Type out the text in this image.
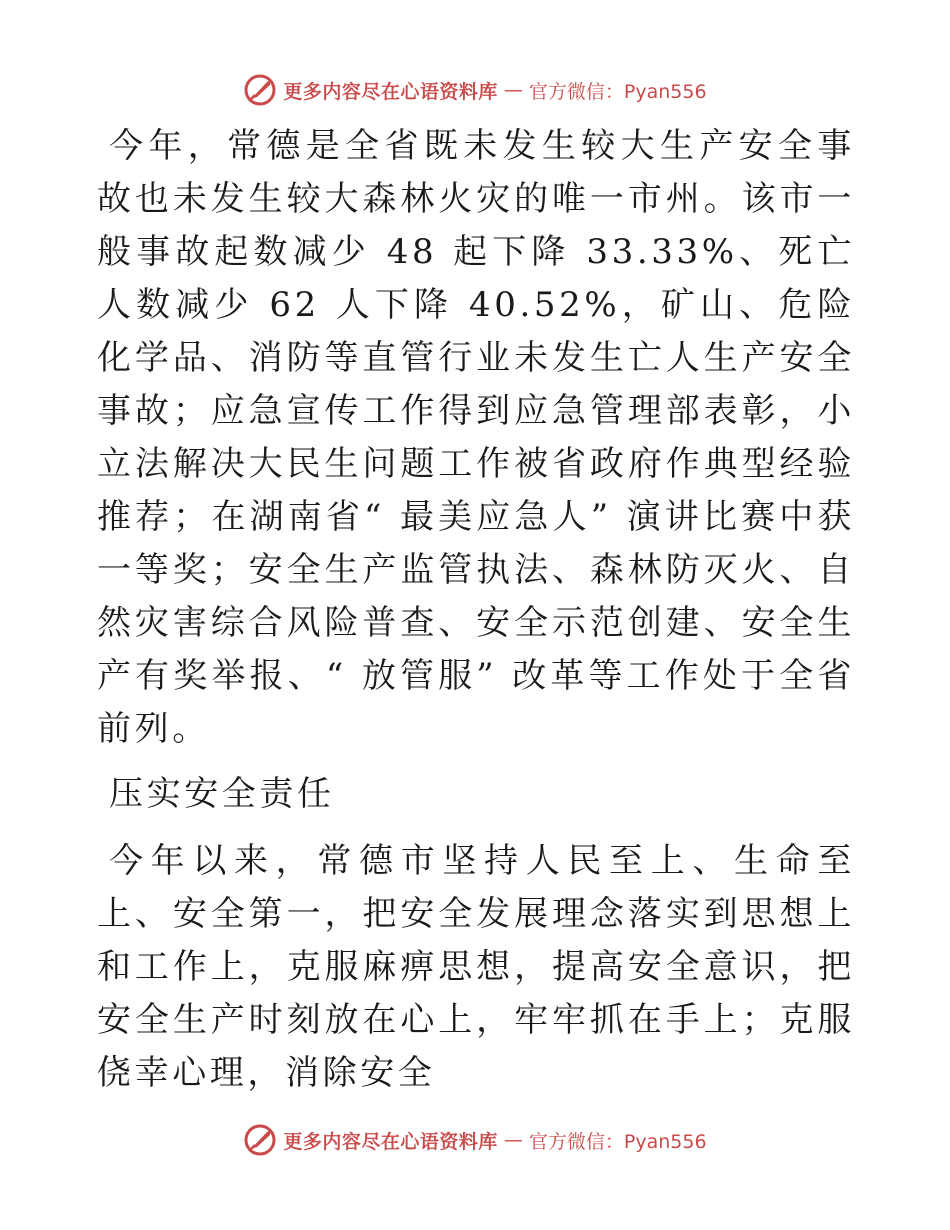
更多内容尽在心语资料库 — 官方微信：Pyan556

今年，常德是全省既未发生较大生产安全事故也未发生较大森林火灾的唯一市州。该市一般事故起数减少 48 起下降 33.33%、死亡人数减少 62 人下降 40.52%，矿山、危险化学品、消防等直管行业未发生亡人生产安全事故；应急宣传工作得到应急管理部表彰，小立法解决大民生问题工作被省政府作典型经验推荐；在湖南省“ 最美应急人” 演讲比赛中获一等奖；安全生产监管执法、森林防灭火、自然灾害综合风险普查、安全示范创建、安全生产有奖举报、“ 放管服” 改革等工作处于全省前列。

压实安全责任

今年以来，常德市坚持人民至上、生命至上、安全第一，把安全发展理念落实到思想上和工作上，克服麻痹思想，提高安全意识，把安全生产时刻放在心上，牢牢抓在手上；克服侥幸心理，消除安全

更多内容尽在心语资料库 — 官方微信：Pyan556
